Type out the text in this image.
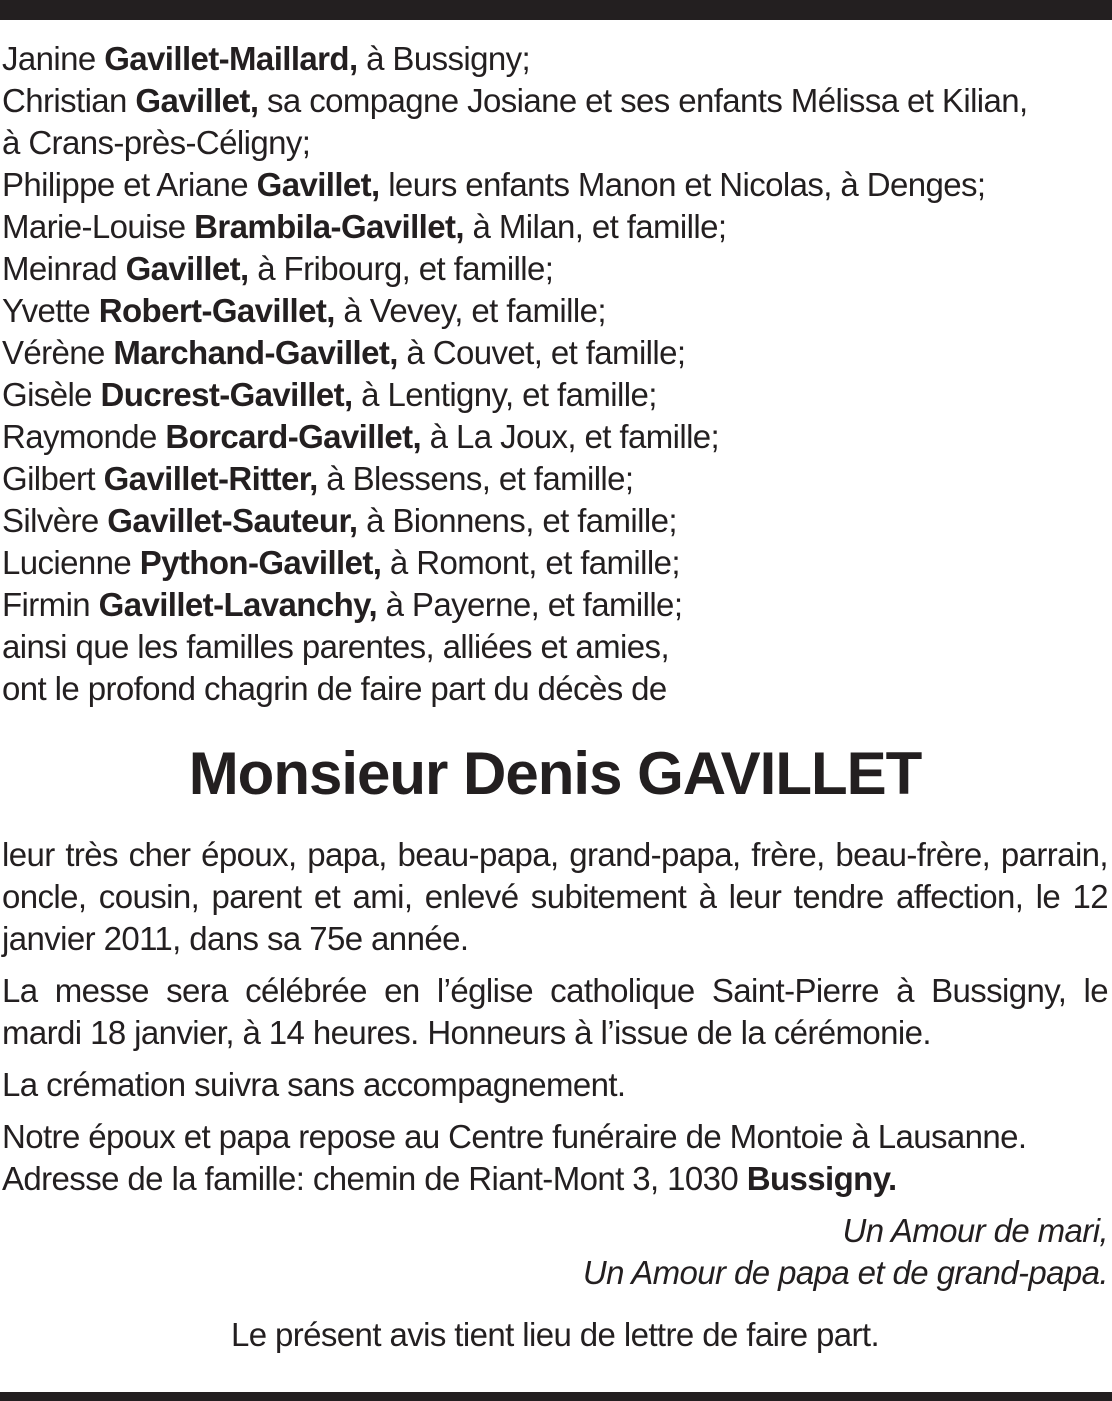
Janine Gavillet-Maillard, à Bussigny;

Christian Gavillet, sa compagne Josiane et ses enfants Mélissa et Kilian,

à Crans-près-Céligny;

Philippe et Ariane Gavillet, leurs enfants Manon et Nicolas, à Denges;

Marie-Louise Brambila-Gavillet, à Milan, et famille;

Meinrad Gavillet, à Fribourg, et famille;

Yvette Robert-Gavillet, à Vevey, et famille;

Vérène Marchand-Gavillet, à Couvet, et famille;

Gisèle Ducrest-Gavillet, à Lentigny, et famille;

Raymonde Borcard-Gavillet, à La Joux, et famille;

Gilbert Gavillet-Ritter, à Blessens, et famille;

Silvère Gavillet-Sauteur, à Bionnens, et famille;

Lucienne Python-Gavillet, à Romont, et famille;

Firmin Gavillet-Lavanchy, à Payerne, et famille;

ainsi que les familles parentes, alliées et amies,

ont le profond chagrin de faire part du décès de

Monsieur Denis GAVILLET

leur très cher époux, papa, beau-papa, grand-papa, frère, beau-frère, parrain, oncle, cousin, parent et ami, enlevé subitement à leur tendre affection, le 12 janvier 2011, dans sa 75e année.

La messe sera célébrée en l’église catholique Saint-Pierre à Bussigny, le mardi 18 janvier, à 14 heures. Honneurs à l’issue de la cérémonie.

La crémation suivra sans accompagnement.

Notre époux et papa repose au Centre funéraire de Montoie à Lausanne.

Adresse de la famille: chemin de Riant-Mont 3, 1030 Bussigny.

Un Amour de mari,
Un Amour de papa et de grand-papa.
Le présent avis tient lieu de lettre de faire part.
